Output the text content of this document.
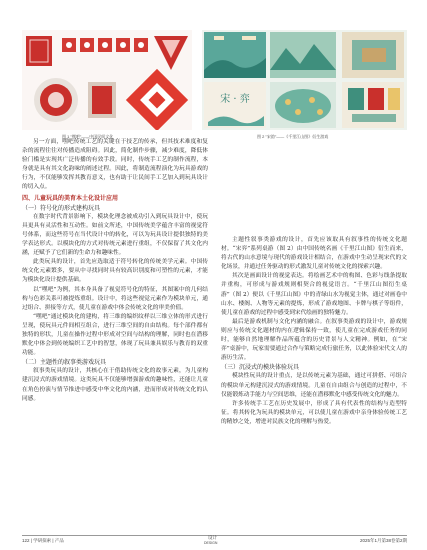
图 1 "嘿吧"——中国民间文化
宋 · 弈
图 2 "宋韵"——《千里江山图》衍生游戏

另一方面，嘿吧传统工艺的关键在于技艺的传承，但其技术难度和复杂的流程往往对传播造成阻碍。因此，简化制作步骤，减少难度，降低体验门槛是实现其广泛传播的有效手段。同时，传统手工艺的制作流程，本身就是具有其文化韵味的阐述过程。因此，将制造流程演化为玩具游戏的行为，不仅能够发挥其教育意义，也有助于让民间手工艺加入到玩具设计的切入点。

四、儿童玩具的美育本土化设计应用
（一）符号化的形式建构玩具

在数字时代背景影响下，模块化理念被成功引入到玩具设计中，使玩具更具有灵活性和互动性。如前文所述，中国传统美学蕴含丰富的视觉符号体系，而这些符号在当代设计中的转化，可以为玩具设计提供独特的美学表达形式。以模块化的方式对传统元素进行重组，不仅保留了其文化内涵，还赋予了它们新的生命力和趣味性。

此类玩具的设计，首先应选取适于符号转化的传统美学元素。中国传统文化元素繁多，要从中寻找同时具有较高识别度和可塑性的元素，才能为模块化设计提供基础。

以“嘿吧”为例，其本身具备了视觉符号化的特征，其图案中的几何结构与色彩关系可被提炼重组。设计中，将这些视觉元素作为模块单元，通过组合、拼接等方式，使儿童在游戏中体会传统文化的审美价值。

“嘿吧”通过模块化的建构，将三维的编织纹样以三维立体的形式进行呈现，使玩具元件间相互组合，进行三维空间的自由结构。每个部件都有独特的形状，儿童在操作过程中形成对空间与结构的理解，同时也在潜移默化中体会到传统编织工艺中的智慧，体现了玩具兼具娱乐与教育的双重功能。

（二）主题性的叙事类游戏玩具

叙事类玩具的设计，其核心在于借助传统文化的故事元素，为儿童构建沉浸式的游戏情境。这类玩具不仅能够增强游戏的趣味性，还能让儿童在角色扮演与情节推进中感受中华文化的内涵，进而形成对传统文化的认同感。

主题性叙事类游戏的设计，首先应该取具有叙事性的传统文化题材。“宋弈”系列桌游（图 2）由中国传统名画《千里江山图》衍生而来，将古代的山水意境与现代的游戏设计相结合，在游戏中生动呈现宋代的文化场景，并通过任务驱动的形式激发儿童对传统文化的探索兴趣。

其次是画面设计的视觉表达。将绘画艺术中的构图、色彩与线条提取并重构，可形成与游戏规则相契合的视觉语言。“千里江山图衍生桌游”（图 2）便以《千里江山图》中的青绿山水为视觉主体，通过对画卷中山水、楼阁、人物等元素的提炼，形成了游戏地图、卡牌与棋子等组件，使儿童在游戏的过程中感受到宋代绘画的独特魅力。

最后是游戏机制与文化内涵的融合。在叙事类游戏的设计中，游戏规则应与传统文化题材的内在逻辑保持一致，使儿童在完成游戏任务的同时，能够自然地理解作品所蕴含的历史背景与人文精神。例如，在“宋弈”桌游中，玩家需要通过合作与策略完成行旅任务，以此体验宋代文人的游历生活。

（三）沉浸式的模块体验玩具

模块性玩具的设计重点，是以传统元素为基础，通过可拼搭、可组合的模块单元构建沉浸式的游戏情境。儿童在自由组合与创造的过程中，不仅能锻炼动手能力与空间思维，还能在潜移默化中感受传统文化的魅力。

许多传统手工艺在历史发展中，形成了具有代表性的结构与造型特征。将其转化为玩具的模块单元，可以使儿童在游戏中亲身体验传统工艺的精妙之处，增进对民族文化的理解与热爱。

122 | 学研探索 | 产品
设计
DESIGN	2025年1月第38卷第2期
